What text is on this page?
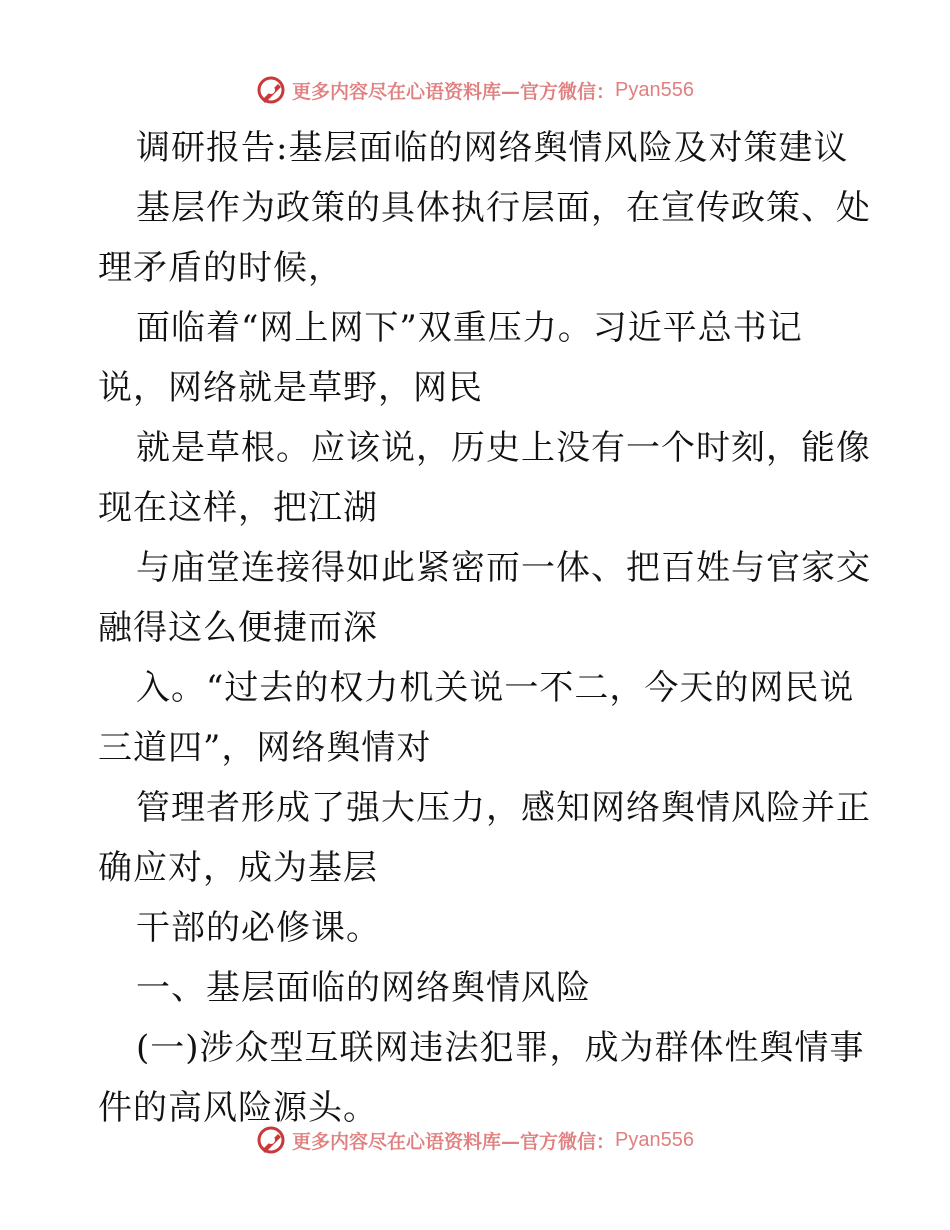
更多内容尽在心语资料库—官方微信： Pyan556
调研报告:基层面临的网络舆情风险及对策建议
基层作为政策的具体执行层面，在宣传政策、处
理矛盾的时候，
面临着“网上网下”双重压力。习近平总书记
说，网络就是草野，网民
就是草根。应该说，历史上没有一个时刻，能像
现在这样，把江湖
与庙堂连接得如此紧密而一体、把百姓与官家交
融得这么便捷而深
入。“过去的权力机关说一不二，今天的网民说
三道四”，网络舆情对
管理者形成了强大压力，感知网络舆情风险并正
确应对，成为基层
干部的必修课。
一、基层面临的网络舆情风险
(一)涉众型互联网违法犯罪，成为群体性舆情事
件的高风险源头。
更多内容尽在心语资料库—官方微信： Pyan556
